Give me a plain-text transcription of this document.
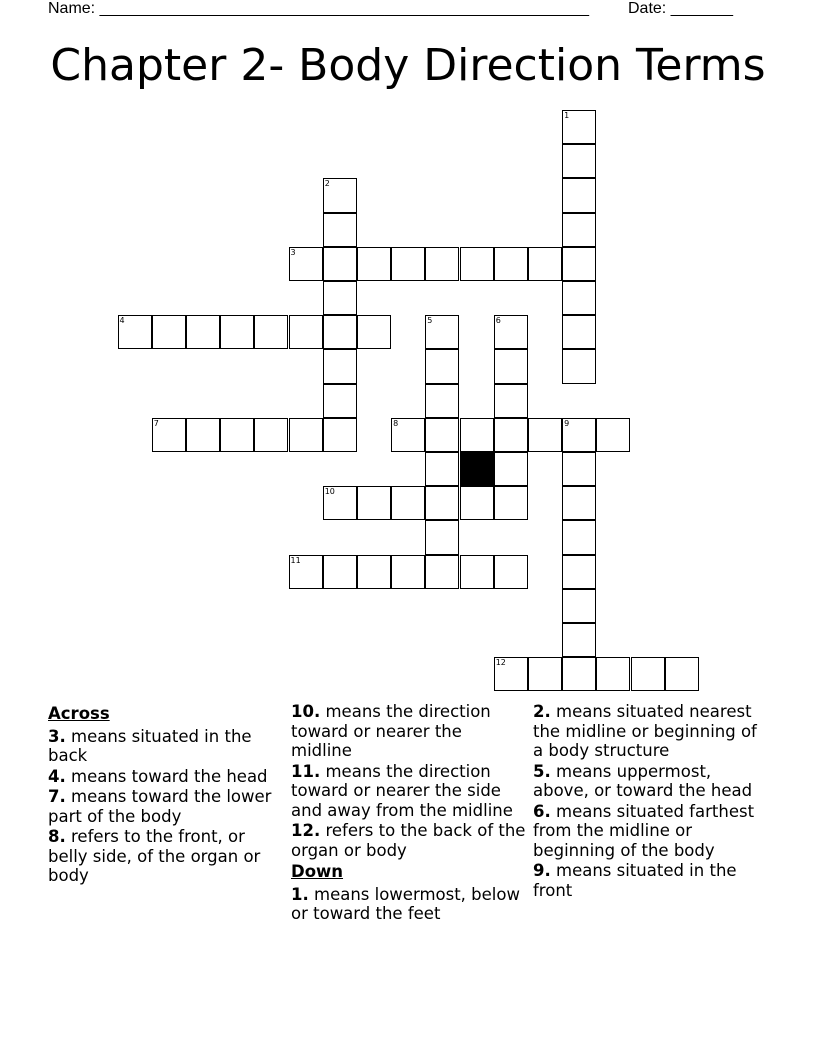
Name: _______________________________________________________ Date: _______
Chapter 2- Body Direction Terms
1
2
3
4	5	6
7	8	9
10
11
12
Across
3. means situated in the back
4. means toward the head
7. means toward the lower part of the body
8. refers to the front, or belly side, of the organ or body
10. means the direction toward or nearer the midline
11. means the direction toward or nearer the side and away from the midline
12. refers to the back of the organ or body
Down
1. means lowermost, below or toward the feet
2. means situated nearest the midline or beginning of a body structure
5. means uppermost, above, or toward the head
6. means situated farthest from the midline or beginning of the body
9. means situated in the front
